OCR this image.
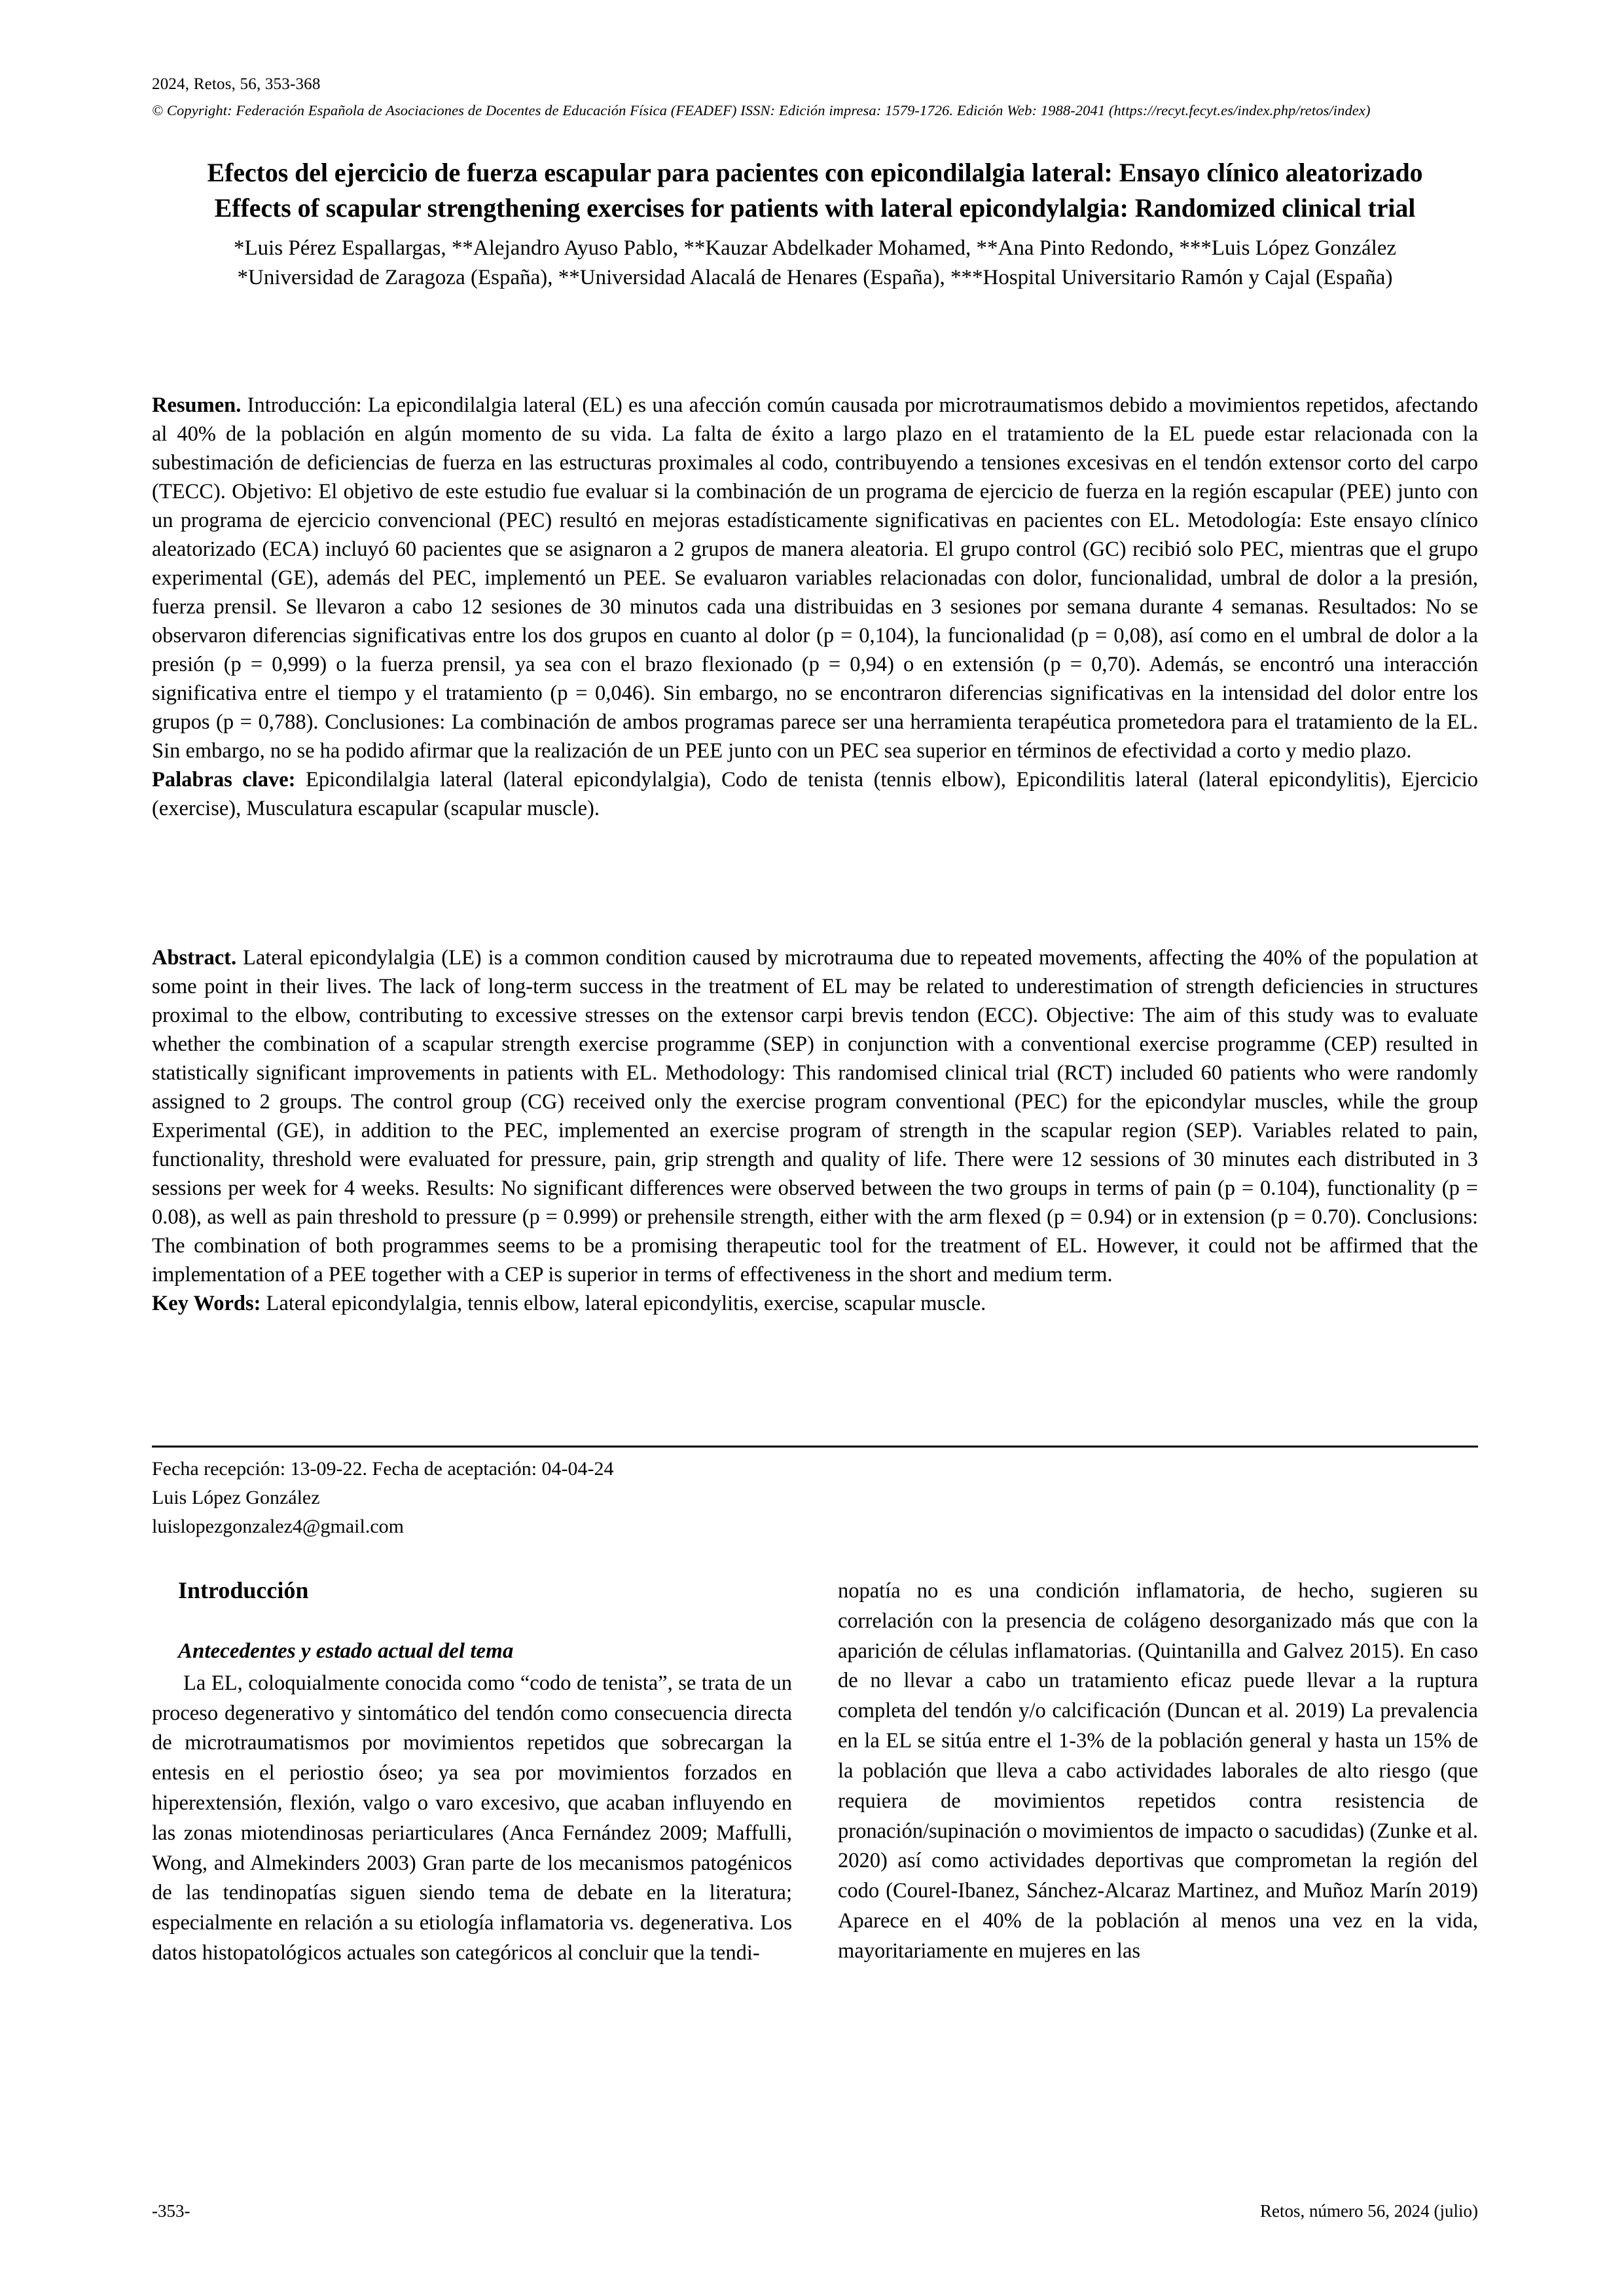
2024, Retos, 56, 353-368
© Copyright: Federación Española de Asociaciones de Docentes de Educación Física (FEADEF) ISSN: Edición impresa: 1579-1726. Edición Web: 1988-2041 (https://recyt.fecyt.es/index.php/retos/index)
Efectos del ejercicio de fuerza escapular para pacientes con epicondilalgia lateral: Ensayo clínico aleatorizado
Effects of scapular strengthening exercises for patients with lateral epicondylalgia: Randomized clinical trial
*Luis Pérez Espallargas, **Alejandro Ayuso Pablo, **Kauzar Abdelkader Mohamed, **Ana Pinto Redondo, ***Luis López González
*Universidad de Zaragoza (España), **Universidad Alacalá de Henares (España), ***Hospital Universitario Ramón y Cajal (España)

Resumen. Introducción: La epicondilalgia lateral (EL) es una afección común causada por microtraumatismos debido a movimientos repetidos, afectando al 40% de la población en algún momento de su vida. La falta de éxito a largo plazo en el tratamiento de la EL puede estar relacionada con la subestimación de deficiencias de fuerza en las estructuras proximales al codo, contribuyendo a tensiones excesivas en el tendón extensor corto del carpo (TECC). Objetivo: El objetivo de este estudio fue evaluar si la combinación de un programa de ejercicio de fuerza en la región escapular (PEE) junto con un programa de ejercicio convencional (PEC) resultó en mejoras estadísticamente significativas en pacientes con EL. Metodología: Este ensayo clínico aleatorizado (ECA) incluyó 60 pacientes que se asignaron a 2 grupos de manera aleatoria. El grupo control (GC) recibió solo PEC, mientras que el grupo experimental (GE), además del PEC, implementó un PEE. Se evaluaron variables relacionadas con dolor, funcionalidad, umbral de dolor a la presión, fuerza prensil. Se llevaron a cabo 12 sesiones de 30 minutos cada una distribuidas en 3 sesiones por semana durante 4 semanas. Resultados: No se observaron diferencias significativas entre los dos grupos en cuanto al dolor (p = 0,104), la funcionalidad (p = 0,08), así como en el umbral de dolor a la presión (p = 0,999) o la fuerza prensil, ya sea con el brazo flexionado (p = 0,94) o en extensión (p = 0,70). Además, se encontró una interacción significativa entre el tiempo y el tratamiento (p = 0,046). Sin embargo, no se encontraron diferencias significativas en la intensidad del dolor entre los grupos (p = 0,788). Conclusiones: La combinación de ambos programas parece ser una herramienta terapéutica prometedora para el tratamiento de la EL. Sin embargo, no se ha podido afirmar que la realización de un PEE junto con un PEC sea superior en términos de efectividad a corto y medio plazo.

Palabras clave: Epicondilalgia lateral (lateral epicondylalgia), Codo de tenista (tennis elbow), Epicondilitis lateral (lateral epicondylitis), Ejercicio (exercise), Musculatura escapular (scapular muscle).

Abstract. Lateral epicondylalgia (LE) is a common condition caused by microtrauma due to repeated movements, affecting the 40% of the population at some point in their lives. The lack of long-term success in the treatment of EL may be related to underestimation of strength deficiencies in structures proximal to the elbow, contributing to excessive stresses on the extensor carpi brevis tendon (ECC). Objective: The aim of this study was to evaluate whether the combination of a scapular strength exercise programme (SEP) in conjunction with a conventional exercise programme (CEP) resulted in statistically significant improvements in patients with EL. Methodology: This randomised clinical trial (RCT) included 60 patients who were randomly assigned to 2 groups. The control group (CG) received only the exercise program conventional (PEC) for the epicondylar muscles, while the group Experimental (GE), in addition to the PEC, implemented an exercise program of strength in the scapular region (SEP). Variables related to pain, functionality, threshold were evaluated for pressure, pain, grip strength and quality of life. There were 12 sessions of 30 minutes each distributed in 3 sessions per week for 4 weeks. Results: No significant differences were observed between the two groups in terms of pain (p = 0.104), functionality (p = 0.08), as well as pain threshold to pressure (p = 0.999) or prehensile strength, either with the arm flexed (p = 0.94) or in extension (p = 0.70). Conclusions: The combination of both programmes seems to be a promising therapeutic tool for the treatment of EL. However, it could not be affirmed that the implementation of a PEE together with a CEP is superior in terms of effectiveness in the short and medium term.

Key Words: Lateral epicondylalgia, tennis elbow, lateral epicondylitis, exercise, scapular muscle.

Fecha recepción: 13-09-22. Fecha de aceptación: 04-04-24
Luis López González
luislopezgonzalez4@gmail.com
Introducción
Antecedentes y estado actual del tema

La EL, coloquialmente conocida como “codo de tenista”, se trata de un proceso degenerativo y sintomático del tendón como consecuencia directa de microtraumatismos por movimientos repetidos que sobrecargan la entesis en el periostio óseo; ya sea por movimientos forzados en hiperextensión, flexión, valgo o varo excesivo, que acaban influyendo en las zonas miotendinosas periarticulares (Anca Fernández 2009; Maffulli, Wong, and Almekinders 2003) Gran parte de los mecanismos patogénicos de las tendinopatías siguen siendo tema de debate en la literatura; especialmente en relación a su etiología inflamatoria vs. degenerativa. Los datos histopatológicos actuales son categóricos al concluir que la tendi-

nopatía no es una condición inflamatoria, de hecho, sugieren su correlación con la presencia de colágeno desorganizado más que con la aparición de células inflamatorias. (Quintanilla and Galvez 2015). En caso de no llevar a cabo un tratamiento eficaz puede llevar a la ruptura completa del tendón y/o calcificación (Duncan et al. 2019) La prevalencia en la EL se sitúa entre el 1-3% de la población general y hasta un 15% de la población que lleva a cabo actividades laborales de alto riesgo (que requiera de movimientos repetidos contra resistencia de pronación/supinación o movimientos de impacto o sacudidas) (Zunke et al. 2020) así como actividades deportivas que comprometan la región del codo (Courel-Ibanez, Sánchez-Alcaraz Martinez, and Muñoz Marín 2019) Aparece en el 40% de la población al menos una vez en la vida, mayoritariamente en mujeres en las

-353-	Retos, número 56, 2024 (julio)
